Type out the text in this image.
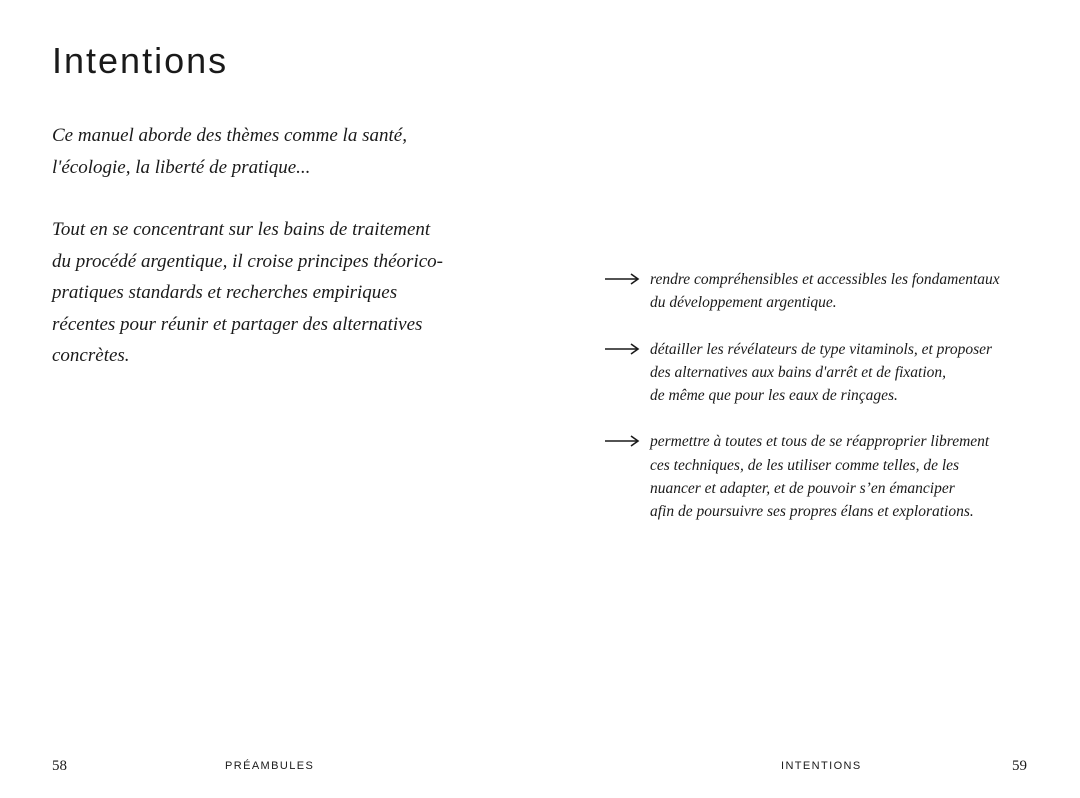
Intentions

Ce manuel aborde des thèmes comme la santé,
l'écologie, la liberté de pratique...

Tout en se concentrant sur les bains de traitement
du procédé argentique, il croise principes théorico-
pratiques standards et recherches empiriques
récentes pour réunir et partager des alternatives
concrètes.

58	PRÉAMBULES
rendre compréhensibles et accessibles les fondamentaux
du développement argentique.
détailler les révélateurs de type vitaminols, et proposer
des alternatives aux bains d'arrêt et de fixation,
de même que pour les eaux de rinçages.
permettre à toutes et tous de se réapproprier librement
ces techniques, de les utiliser comme telles, de les
nuancer et adapter, et de pouvoir s’en émanciper
afin de poursuivre ses propres élans et explorations.
INTENTIONS	59
